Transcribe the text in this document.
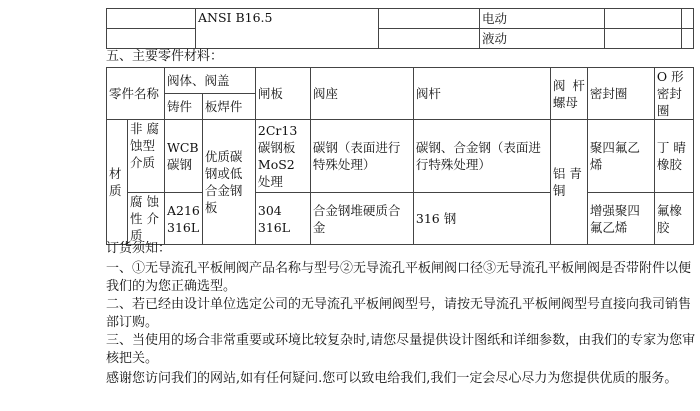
	ANSI B16.5		电动		
			液动		
五、主要零件材料：
零件名称		阀体、阀盖		闸板	阀座	阀杆	阀 杆 螺母	密封圈	O 形密封圈
		铸件	板焊件						
材质	非 腐 蚀型 介质	WCB 碳钢	优质碳钢或低合金钢板	2Cr13 碳钢板 MoS2 处理	碳钢（表面进行特殊处理）	碳钢、合金钢（表面进行特殊处理）	铝 青铜	聚四氟乙烯	丁 晴 橡胶
	腐 蚀性 介质	A216 316L		304 316L	合金钢堆硬质合金	316 钢		增强聚四氟乙烯	氟橡胶
订货须知：
一、①无导流孔平板闸阀产品名称与型号②无导流孔平板闸阀口径③无导流孔平板闸阀是否带附件以便我们的为您正确选型。
二、若已经由设计单位选定公司的无导流孔平板闸阀型号，请按无导流孔平板闸阀型号直接向我司销售部订购。
三、当使用的场合非常重要或环境比较复杂时,请您尽量提供设计图纸和详细参数，由我们的专家为您审核把关。
感谢您访问我们的网站,如有任何疑问.您可以致电给我们,我们一定会尽心尽力为您提供优质的服务。
